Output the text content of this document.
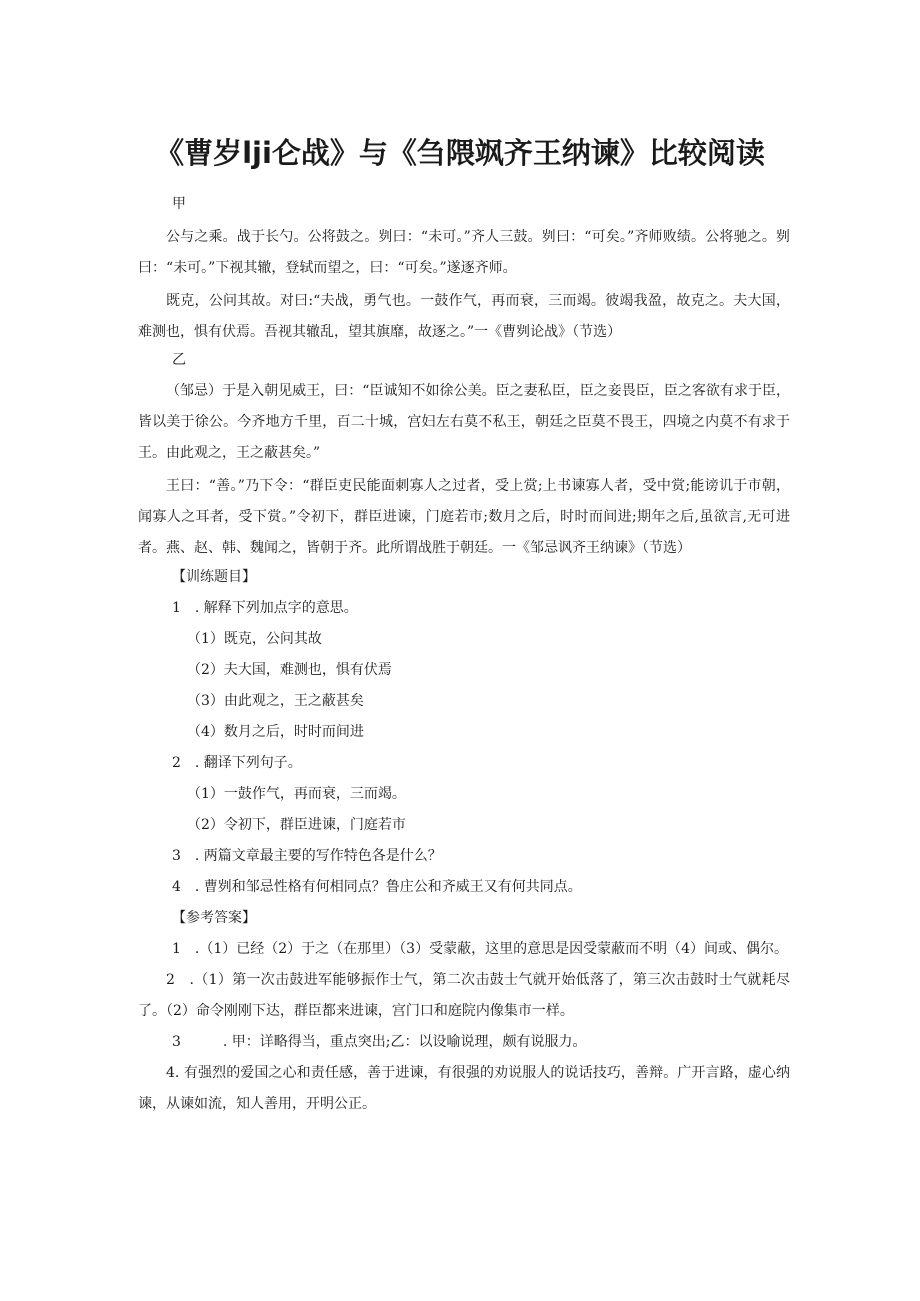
《曹岁lji仑战》与《刍隈飒齐王纳谏》比较阅读
甲

公与之乘。战于长勺。公将鼓之。刿曰：“未可。”齐人三鼓。刿曰：“可矣。”齐师败绩。公将驰之。刿曰：“未可。”下视其辙，登轼而望之，曰：“可矣。”遂逐齐师。

既克，公问其故。对曰:“夫战，勇气也。一鼓作气，再而衰，三而竭。彼竭我盈，故克之。夫大国，难测也，惧有伏焉。吾视其辙乱，望其旗靡，故逐之。”一《曹刿论战》（节选）

乙

（邹忌）于是入朝见威王，曰：“臣诚知不如徐公美。臣之妻私臣，臣之妾畏臣，臣之客欲有求于臣，皆以美于徐公。今齐地方千里，百二十城，宫妇左右莫不私王，朝廷之臣莫不畏王，四境之内莫不有求于王。由此观之，王之蔽甚矣。”

王曰：“善。”乃下令：“群臣吏民能面刺寡人之过者，受上赏;上书谏寡人者，受中赏;能谤讥于市朝，闻寡人之耳者，受下赏。”令初下，群臣进谏，门庭若市;数月之后，时时而间进;期年之后,虽欲言,无可进者。燕、赵、韩、魏闻之，皆朝于齐。此所谓战胜于朝廷。一《邹忌讽齐王纳谏》（节选）

【训练题目】
1　. 解释下列加点字的意思。
（1）既克，公问其故
（2）夫大国，难测也，惧有伏焉
（3）由此观之，王之蔽甚矣
（4）数月之后，时时而间进
2　. 翻译下列句子。
（1）一鼓作气，再而衰，三而竭。
（2）令初下，群臣进谏，门庭若市
3　. 两篇文章最主要的写作特色各是什么？
4　. 曹刿和邹忌性格有何相同点？鲁庄公和齐威王又有何共同点。
【参考答案】
1　.（1）已经（2）于之（在那里）（3）受蒙蔽，这里的意思是因受蒙蔽而不明（4）间或、偶尔。

2　.（1）第一次击鼓进军能够振作士气，第二次击鼓士气就开始低落了，第三次击鼓时士气就耗尽了。（2）命令刚刚下达，群臣都来进谏，宫门口和庭院内像集市一样。

3　　　. 甲：详略得当，重点突出;乙：以设喻说理，颇有说服力。

4. 有强烈的爱国之心和责任感，善于进谏，有很强的劝说服人的说话技巧，善辩。广开言路，虚心纳谏，从谏如流，知人善用，开明公正。
